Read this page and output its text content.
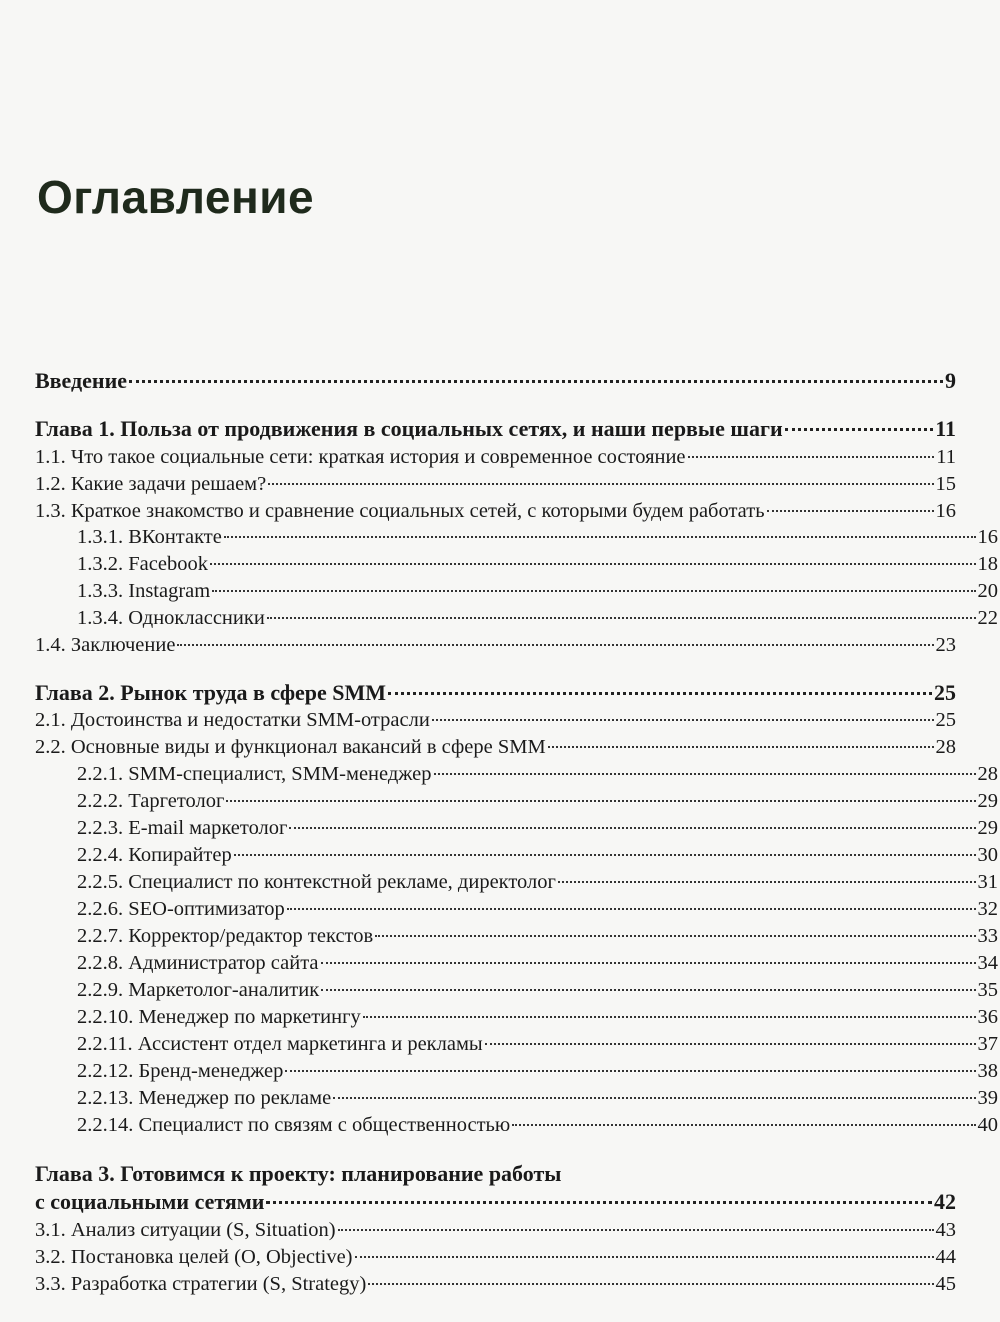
Оглавление
Введение	9
Глава 1. Польза от продвижения в социальных сетях, и наши первые шаги	11
1.1. Что такое социальные сети: краткая история и современное состояние	11
1.2. Какие задачи решаем?	15
1.3. Краткое знакомство и сравнение социальных сетей, с которыми будем работать	16
1.3.1. ВКонтакте	16
1.3.2. Facebook	18
1.3.3. Instagram	20
1.3.4. Одноклассники	22
1.4. Заключение	23
Глава 2. Рынок труда в сфере SMM	25
2.1. Достоинства и недостатки SMM-отрасли	25
2.2. Основные виды и функционал вакансий в сфере SMM	28
2.2.1. SMM-специалист, SMM-менеджер	28
2.2.2. Таргетолог	29
2.2.3. E-mail маркетолог	29
2.2.4. Копирайтер	30
2.2.5. Специалист по контекстной рекламе, директолог	31
2.2.6. SEO-оптимизатор	32
2.2.7. Корректор/редактор текстов	33
2.2.8. Администратор сайта	34
2.2.9. Маркетолог-аналитик	35
2.2.10. Менеджер по маркетингу	36
2.2.11. Ассистент отдел маркетинга и рекламы	37
2.2.12. Бренд-менеджер	38
2.2.13. Менеджер по рекламе	39
2.2.14. Специалист по связям с общественностью	40
Глава 3. Готовимся к проекту: планирование работы
с социальными сетями	42
3.1. Анализ ситуации (S, Situation)	43
3.2. Постановка целей (O, Objective)	44
3.3. Разработка стратегии (S, Strategy)	45
